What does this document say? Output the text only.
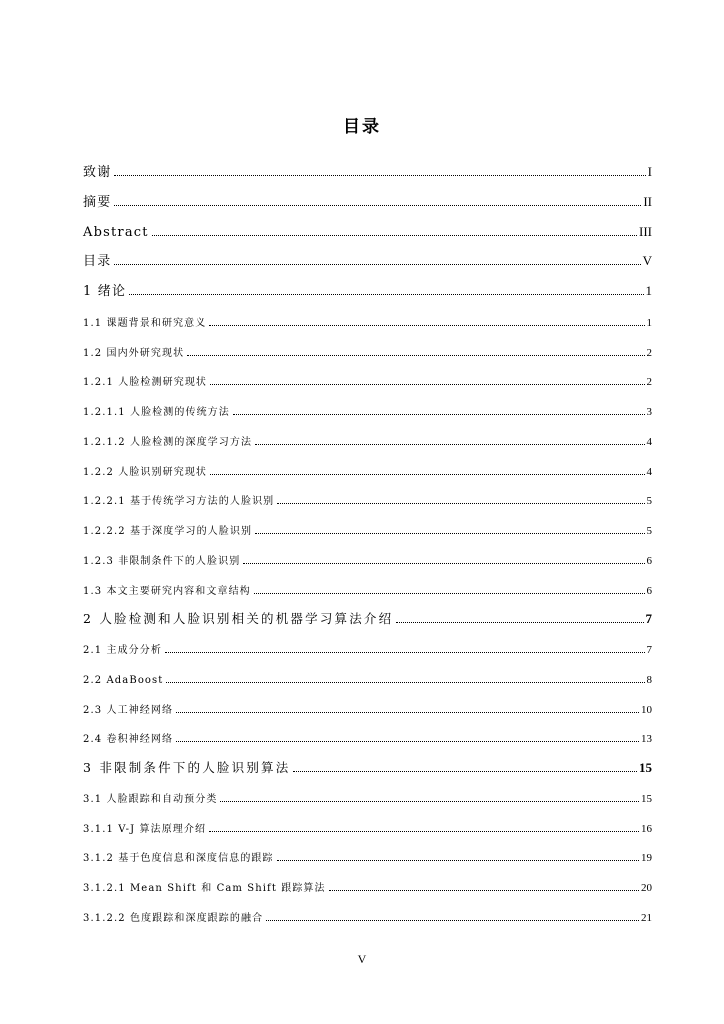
目录
致谢	I
摘要	II
Abstract	III
目录	V
1 绪论	1
1.1 课题背景和研究意义	1
1.2 国内外研究现状	2
1.2.1 人脸检测研究现状	2
1.2.1.1 人脸检测的传统方法	3
1.2.1.2 人脸检测的深度学习方法	4
1.2.2 人脸识别研究现状	4
1.2.2.1 基于传统学习方法的人脸识别	5
1.2.2.2 基于深度学习的人脸识别	5
1.2.3 非限制条件下的人脸识别	6
1.3 本文主要研究内容和文章结构	6
2 人脸检测和人脸识别相关的机器学习算法介绍	7
2.1 主成分分析	7
2.2 AdaBoost	8
2.3 人工神经网络	10
2.4 卷积神经网络	13
3 非限制条件下的人脸识别算法	15
3.1 人脸跟踪和自动预分类	15
3.1.1 V-J 算法原理介绍	16
3.1.2 基于色度信息和深度信息的跟踪	19
3.1.2.1 Mean Shift 和 Cam Shift 跟踪算法	20
3.1.2.2 色度跟踪和深度跟踪的融合	21
V
